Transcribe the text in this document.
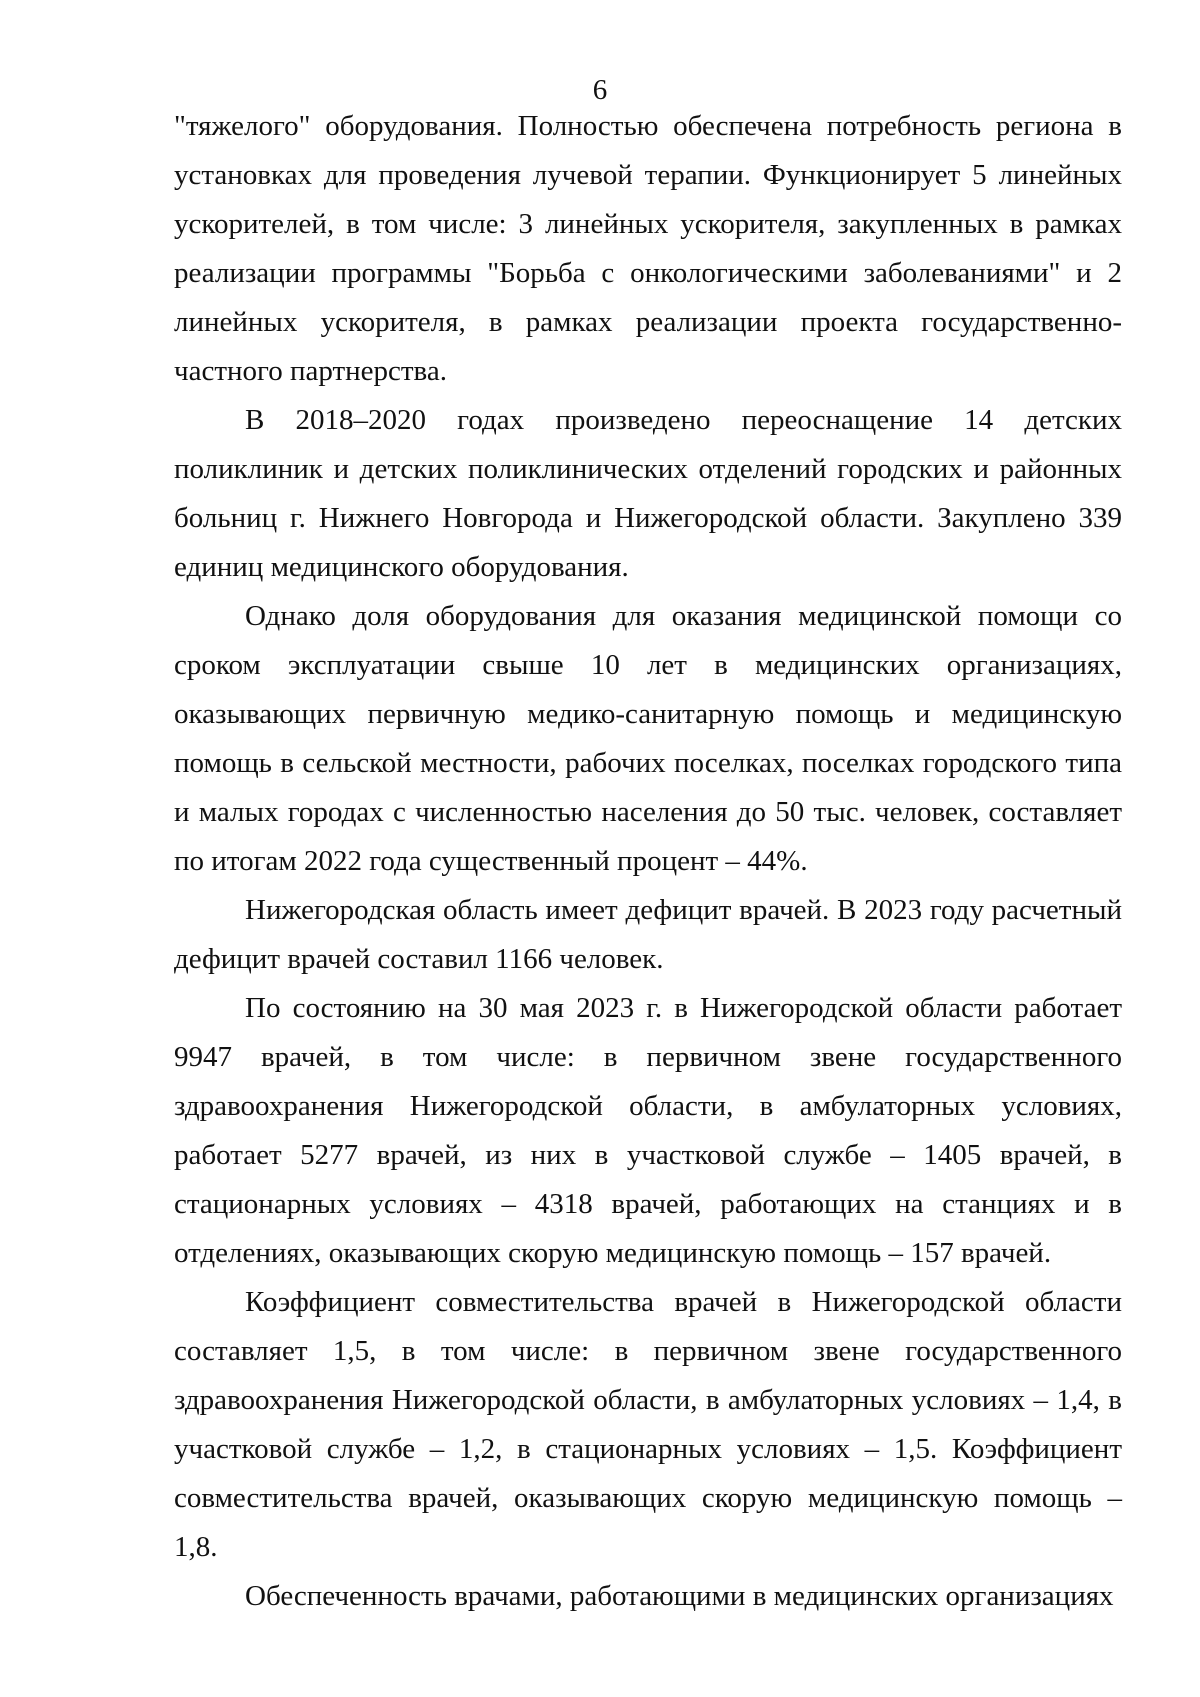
6

"тяжелого" оборудования. Полностью обеспечена потребность региона в установках для проведения лучевой терапии. Функционирует 5 линейных ускорителей, в том числе: 3 линейных ускорителя, закупленных в рамках реализации программы "Борьба с онкологическими заболеваниями" и 2 линейных ускорителя, в рамках реализации проекта государственно-частного партнерства.

В 2018–2020 годах произведено переоснащение 14 детских поликлиник и детских поликлинических отделений городских и районных больниц г. Нижнего Новгорода и Нижегородской области. Закуплено 339 единиц медицинского оборудования.

Однако доля оборудования для оказания медицинской помощи со сроком эксплуатации свыше 10 лет в медицинских организациях, оказывающих первичную медико-санитарную помощь и медицинскую помощь в сельской местности, рабочих поселках, поселках городского типа и малых городах с численностью населения до 50 тыс. человек, составляет по итогам 2022 года существенный процент – 44%.

Нижегородская область имеет дефицит врачей. В 2023 году расчетный дефицит врачей составил 1166 человек.

По состоянию на 30 мая 2023 г. в Нижегородской области работает 9947 врачей, в том числе: в первичном звене государственного здравоохранения Нижегородской области, в амбулаторных условиях, работает 5277 врачей, из них в участковой службе – 1405 врачей, в стационарных условиях – 4318 врачей, работающих на станциях и в отделениях, оказывающих скорую медицинскую помощь – 157 врачей.

Коэффициент совместительства врачей в Нижегородской области составляет 1,5, в том числе: в первичном звене государственного здравоохранения Нижегородской области, в амбулаторных условиях – 1,4, в участковой службе – 1,2, в стационарных условиях – 1,5. Коэффициент совместительства врачей, оказывающих скорую медицинскую помощь – 1,8.

Обеспеченность врачами, работающими в медицинских организациях
